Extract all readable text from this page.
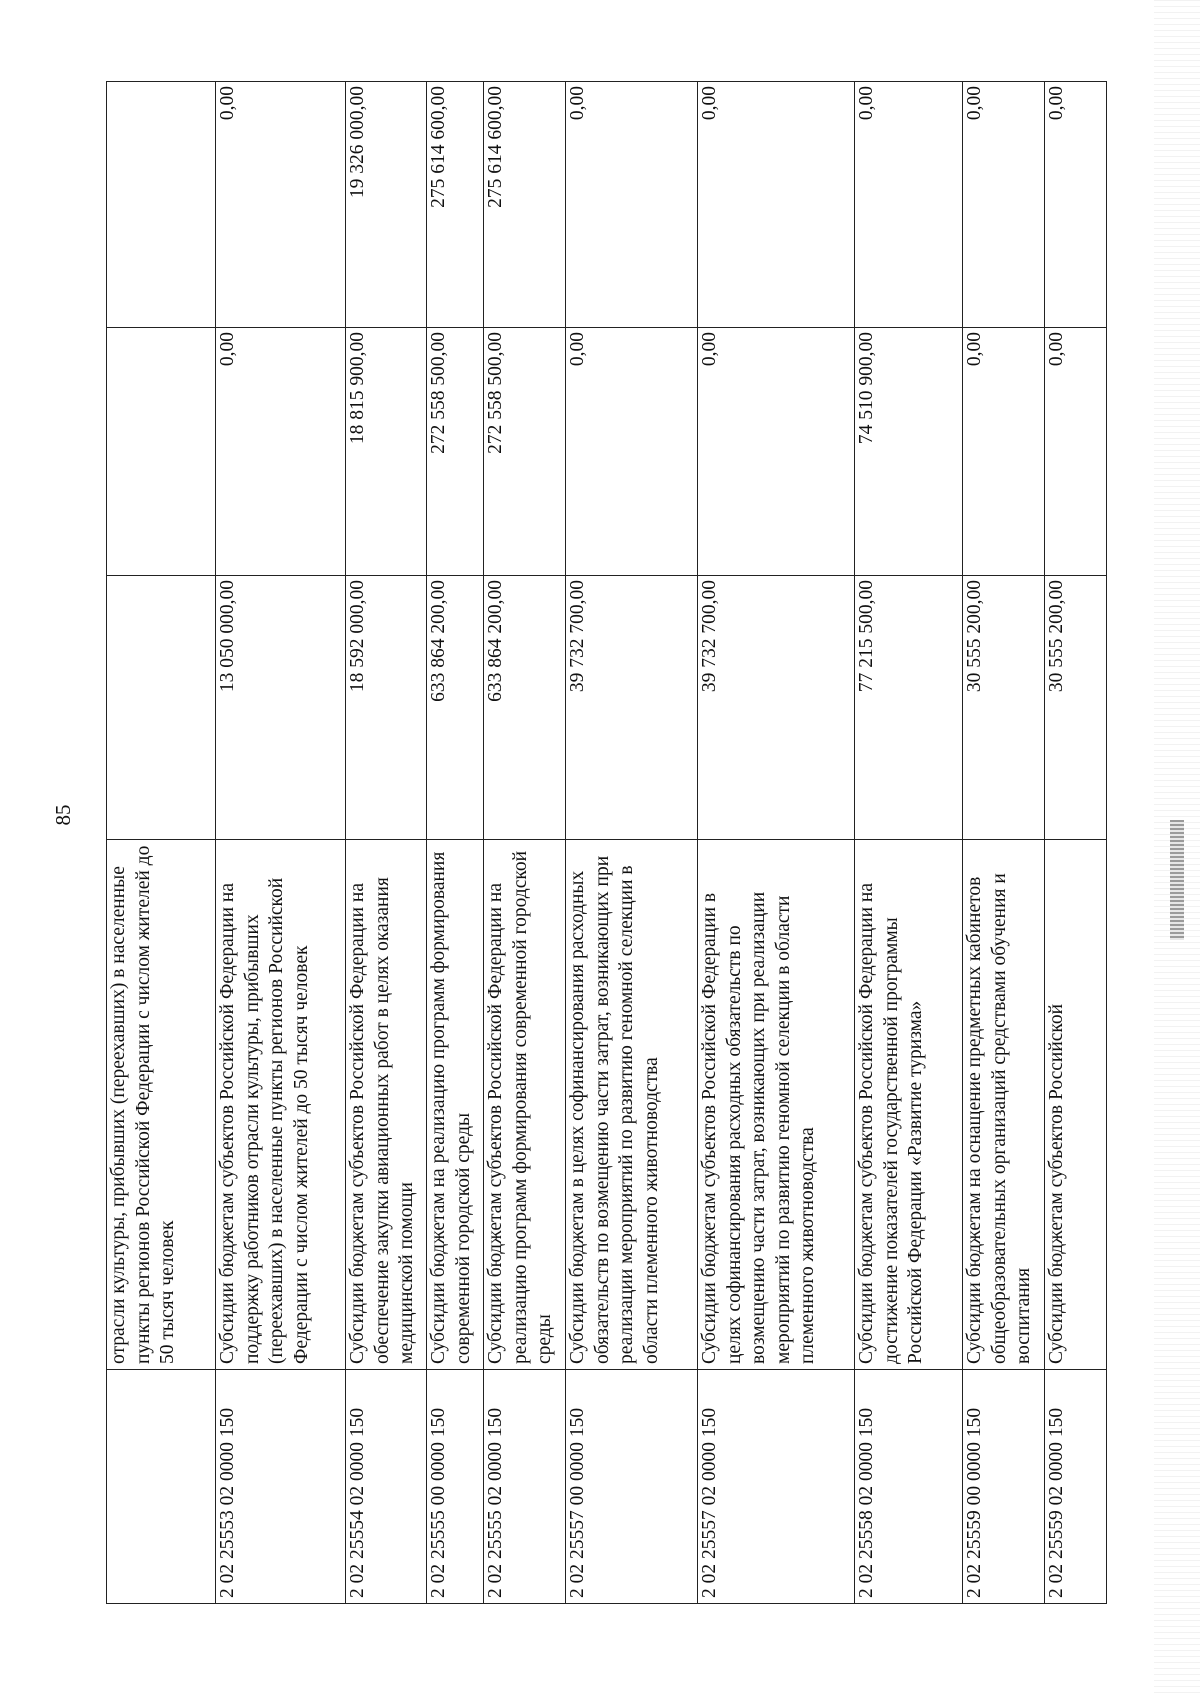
85
	отрасли культуры, прибывших (переехавших) в населенные пункты регионов Российской Федерации с числом жителей до 50 тысяч человек			
2 02 25553 02 0000 150	Субсидии бюджетам субъектов Российской Федерации на поддержку работников отрасли культуры, прибывших (переехавших) в населенные пункты регионов Российской Федерации с числом жителей до 50 тысяч человек	13 050 000,00	0,00	0,00
2 02 25554 02 0000 150	Субсидии бюджетам субъектов Российской Федерации на обеспечение закупки авиационных работ в целях оказания медицинской помощи	18 592 000,00	18 815 900,00	19 326 000,00
2 02 25555 00 0000 150	Субсидии бюджетам на реализацию программ формирования современной городской среды	633 864 200,00	272 558 500,00	275 614 600,00
2 02 25555 02 0000 150	Субсидии бюджетам субъектов Российской Федерации на реализацию программ формирования современной городской среды	633 864 200,00	272 558 500,00	275 614 600,00
2 02 25557 00 0000 150	Субсидии бюджетам в целях софинансирования расходных обязательств по возмещению части затрат, возникающих при реализации мероприятий по развитию геномной селекции в области племенного животноводства	39 732 700,00	0,00	0,00
2 02 25557 02 0000 150	Субсидии бюджетам субъектов Российской Федерации в целях софинансирования расходных обязательств по возмещению части затрат, возникающих при реализации мероприятий по развитию геномной селекции в области племенного животноводства	39 732 700,00	0,00	0,00
2 02 25558 02 0000 150	Субсидии бюджетам субъектов Российской Федерации на достижение показателей государственной программы Российской Федерации «Развитие туризма»	77 215 500,00	74 510 900,00	0,00
2 02 25559 00 0000 150	Субсидии бюджетам на оснащение предметных кабинетов общеобразовательных организаций средствами обучения и воспитания	30 555 200,00	0,00	0,00
2 02 25559 02 0000 150	Субсидии бюджетам субъектов Российской	30 555 200,00	0,00	0,00
